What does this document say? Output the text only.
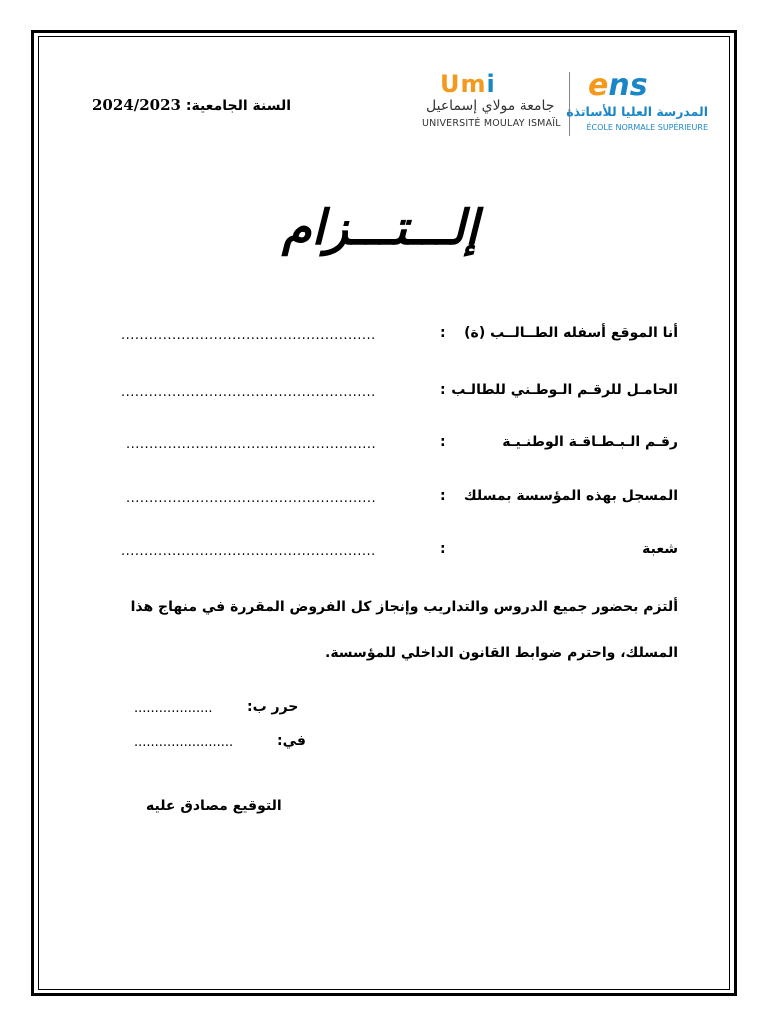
السنة الجامعية: 2024/2023
Umi
جامعة مولاي إسماعيل
UNIVERSITÉ MOULAY ISMAÏL
ens
المدرسة العليا للأساتذة
ÉCOLE NORMALE SUPÉRIEURE
إلـــتـــزام
أنا الموقع أسفله الطــالــب (ة)
:
.......................................................
الحامـل للرقـم الـوطـني للطالـب
:
.......................................................
رقـم الـبـطـاقـة الوطنـيـة
:
......................................................
المسجل بهذه المؤسسة بمسلك
:
......................................................
شعبة
:
.......................................................
ألتزم بحضور جميع الدروس والتداريب وإنجاز كل الفروض المقررة في منهاج هذا
المسلك، واحترم ضوابط القانون الداخلي للمؤسسة.
حرر ب:
...................
في:
........................
التوقيع مصادق عليه
